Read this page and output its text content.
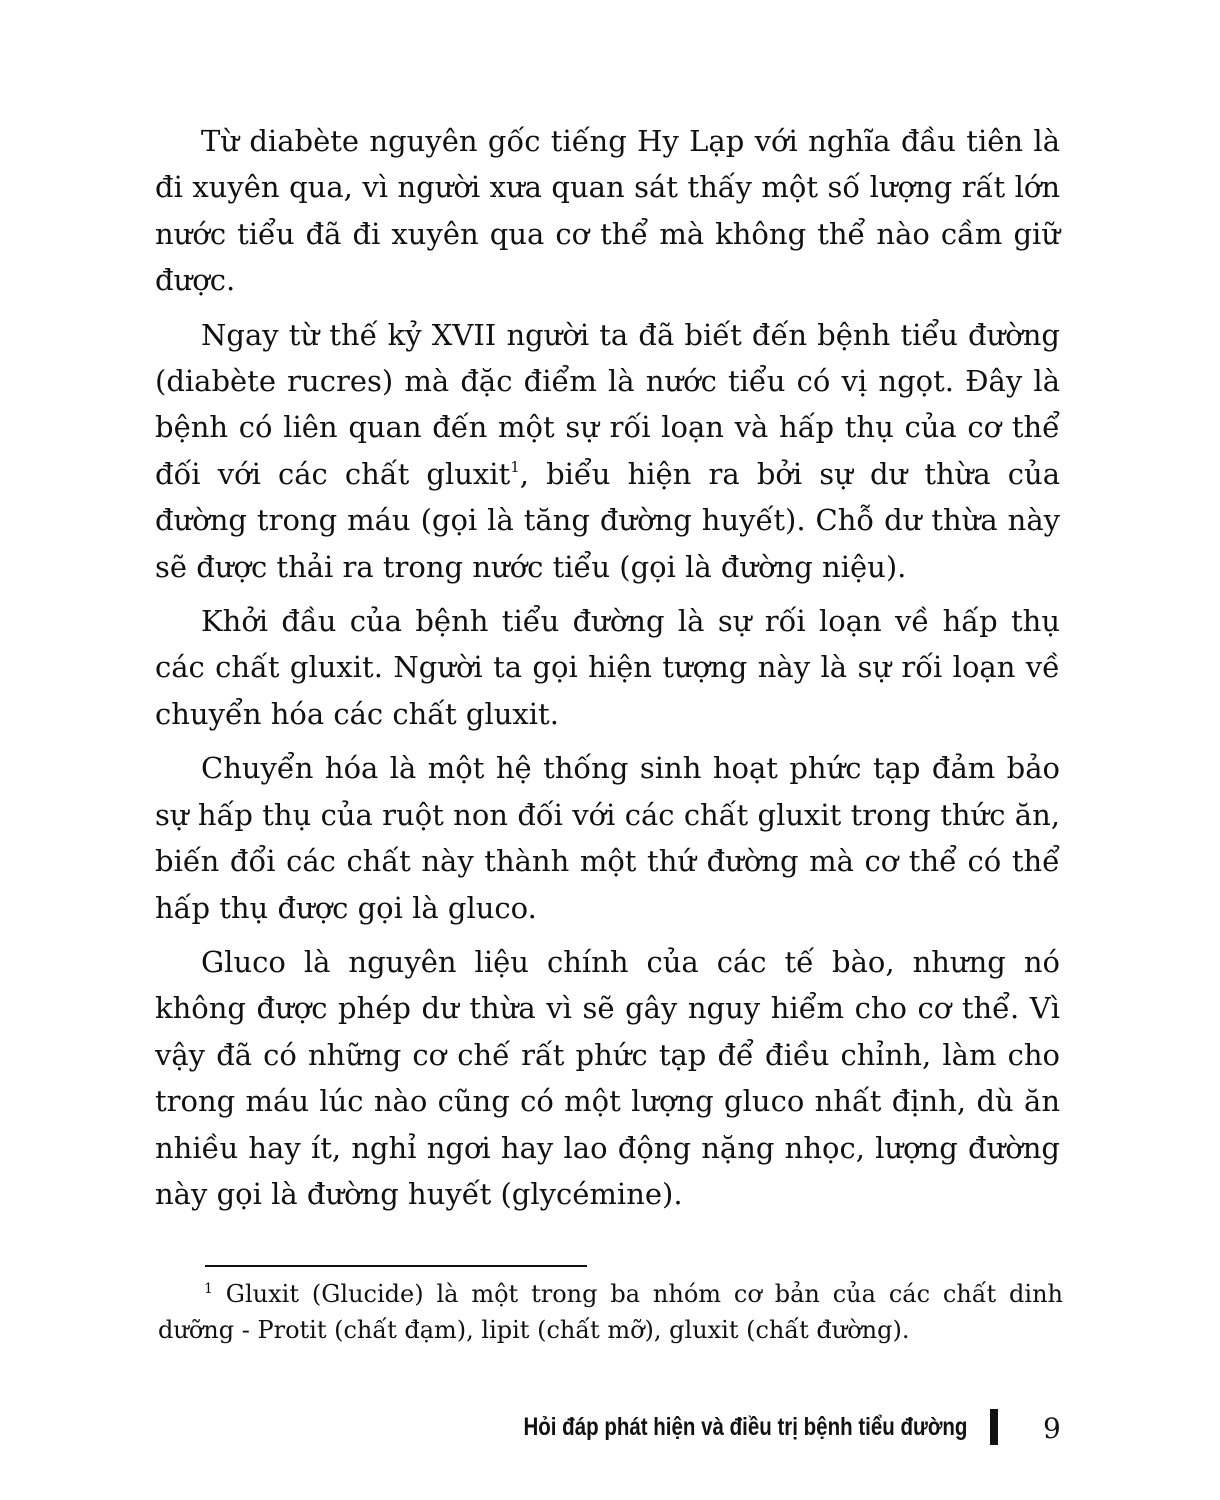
Từ diabète nguyên gốc tiếng Hy Lạp với nghĩa đầu tiên là đi xuyên qua, vì người xưa quan sát thấy một số lượng rất lớn nước tiểu đã đi xuyên qua cơ thể mà không thể nào cầm giữ được.

Ngay từ thế kỷ XVII người ta đã biết đến bệnh tiểu đường (diabète rucres) mà đặc điểm là nước tiểu có vị ngọt. Đây là bệnh có liên quan đến một sự rối loạn và hấp thụ của cơ thể đối với các chất gluxit$^1$, biểu hiện ra bởi sự dư thừa của đường trong máu (gọi là tăng đường huyết). Chỗ dư thừa này sẽ được thải ra trong nước tiểu (gọi là đường niệu).

Khởi đầu của bệnh tiểu đường là sự rối loạn về hấp thụ các chất gluxit. Người ta gọi hiện tượng này là sự rối loạn về chuyển hóa các chất gluxit.

Chuyển hóa là một hệ thống sinh hoạt phức tạp đảm bảo sự hấp thụ của ruột non đối với các chất gluxit trong thức ăn, biến đổi các chất này thành một thứ đường mà cơ thể có thể hấp thụ được gọi là gluco.

Gluco là nguyên liệu chính của các tế bào, nhưng nó không được phép dư thừa vì sẽ gây nguy hiểm cho cơ thể. Vì vậy đã có những cơ chế rất phức tạp để điều chỉnh, làm cho trong máu lúc nào cũng có một lượng gluco nhất định, dù ăn nhiều hay ít, nghỉ ngơi hay lao động nặng nhọc, lượng đường này gọi là đường huyết (glycémine).

$^1$ Gluxit (Glucide) là một trong ba nhóm cơ bản của các chất dinh dưỡng - Protit (chất đạm), lipit (chất mỡ), gluxit (chất đường).

Hỏi đáp phát hiện và điều trị bệnh tiểu đường	9
